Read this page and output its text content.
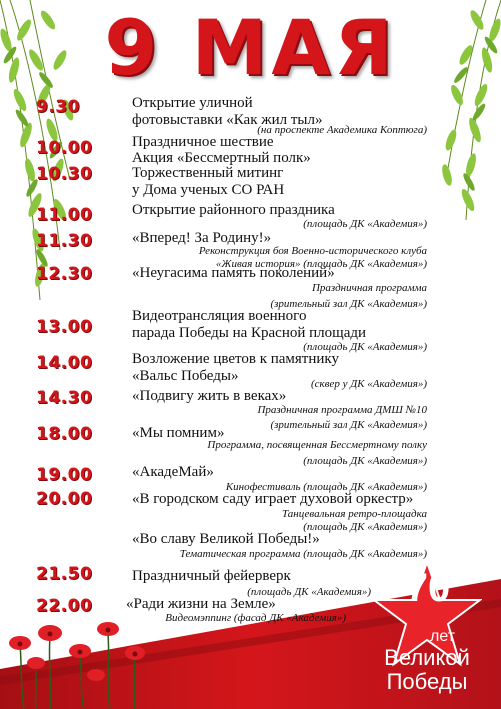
70
лет
Великой
Победы
9 МАЯ
9.30	Открытие уличной
фотовыставки «Как жил тыл»
(на проспекте Академика Коптюга)
10.00	Праздничное шествие
Акция «Бессмертный полк»
10.30	Торжественный митинг
у Дома ученых СО РАН
11.00	Открытие районного праздника
(площадь ДК «Академия»)
11.30	«Вперед! За Родину!»
Реконструкция боя Военно-исторического клуба
«Живая история» (площадь ДК «Академия»)
12.30	«Неугасима память поколений»
Праздничная программа
(зрительный зал ДК «Академия»)
13.00
Видеотрансляция военного
парада Победы на Красной площади
(площадь ДК «Академия»)
14.00	Возложение цветов к памятнику
«Вальс Победы»	(сквер у ДК «Академия»)
14.30	«Подвигу жить в веках»
Праздничная программа ДМШ №10
(зрительный зал ДК «Академия»)
18.00	«Мы помним»
Программа, посвященная Бессмертному полку
(площадь ДК «Академия»)
19.00	«АкадеМай»
Кинофестиваль (площадь ДК «Академия»)
20.00	«В городском саду играет духовой оркестр»
Танцевальная ретро-площадка
(площадь ДК «Академия»)
«Во славу Великой Победы!»
Тематическая программа (площадь ДК «Академия»)
21.50	Праздничный фейерверк
(площадь ДК «Академия»)
22.00 «Ради жизни на Земле»
Видеомэппинг (фасад ДК «Академия»)
